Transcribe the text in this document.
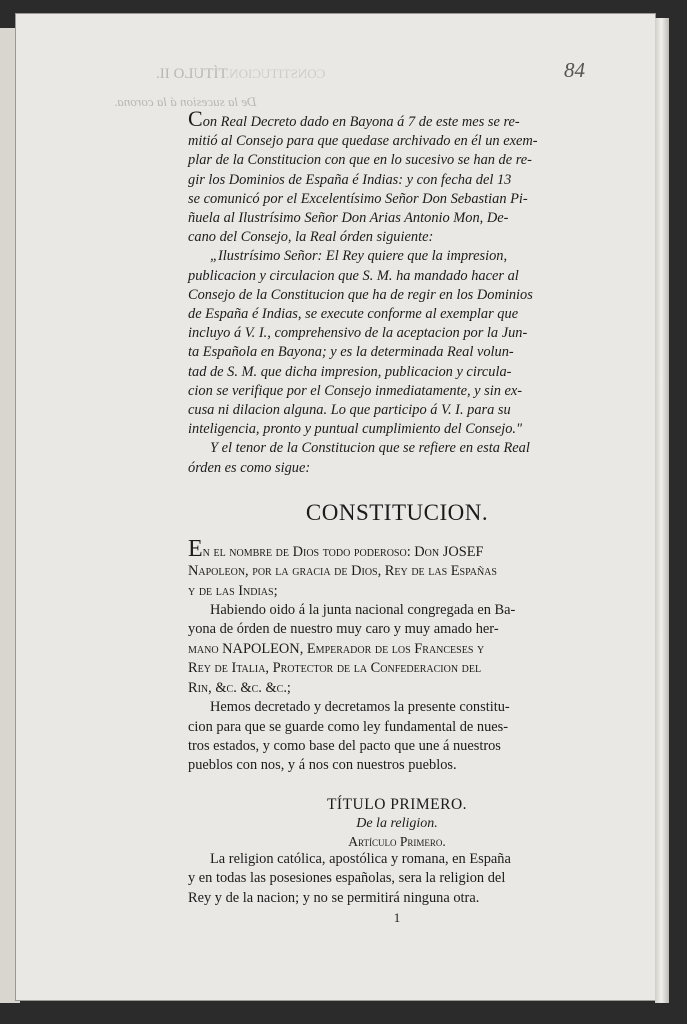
TÍTULO II.
De la sucesion á la corona.
CONSTITUCION.	84
Con Real Decreto dado en Bayona á 7 de este mes se re-
mitió al Consejo para que quedase archivado en él un exem-
plar de la Constitucion con que en lo sucesivo se han de re-
gir los Dominios de España é Indias: y con fecha del 13
se comunicó por el Excelentísimo Señor Don Sebastian Pi-
ñuela al Ilustrísimo Señor Don Arias Antonio Mon, De-
cano del Consejo, la Real órden siguiente:
„Ilustrísimo Señor: El Rey quiere que la impresion,
publicacion y circulacion que S. M. ha mandado hacer al
Consejo de la Constitucion que ha de regir en los Dominios
de España é Indias, se execute conforme al exemplar que
incluyo á V. I., comprehensivo de la aceptacion por la Jun-
ta Española en Bayona; y es la determinada Real volun-
tad de S. M. que dicha impresion, publicacion y circula-
cion se verifique por el Consejo inmediatamente, y sin ex-
cusa ni dilacion alguna. Lo que participo á V. I. para su
inteligencia, pronto y puntual cumplimiento del Consejo."
Y el tenor de la Constitucion que se refiere en esta Real
órden es como sigue:
CONSTITUCION.
En el nombre de Dios todo poderoso: Don JOSEF
Napoleon, por la gracia de Dios, Rey de las Españas
y de las Indias;
Habiendo oido á la junta nacional congregada en Ba-
yona de órden de nuestro muy caro y muy amado her-
mano NAPOLEON, Emperador de los Franceses y
Rey de Italia, Protector de la Confederacion del
Rin, &c. &c. &c.;
Hemos decretado y decretamos la presente constitu-
cion para que se guarde como ley fundamental de nues-
tros estados, y como base del pacto que une á nuestros
pueblos con nos, y á nos con nuestros pueblos.
TÍTULO PRIMERO.
De la religion.
Artículo Primero.
La religion católica, apostólica y romana, en España
y en todas las posesiones españolas, sera la religion del
Rey y de la nacion; y no se permitirá ninguna otra.
1
